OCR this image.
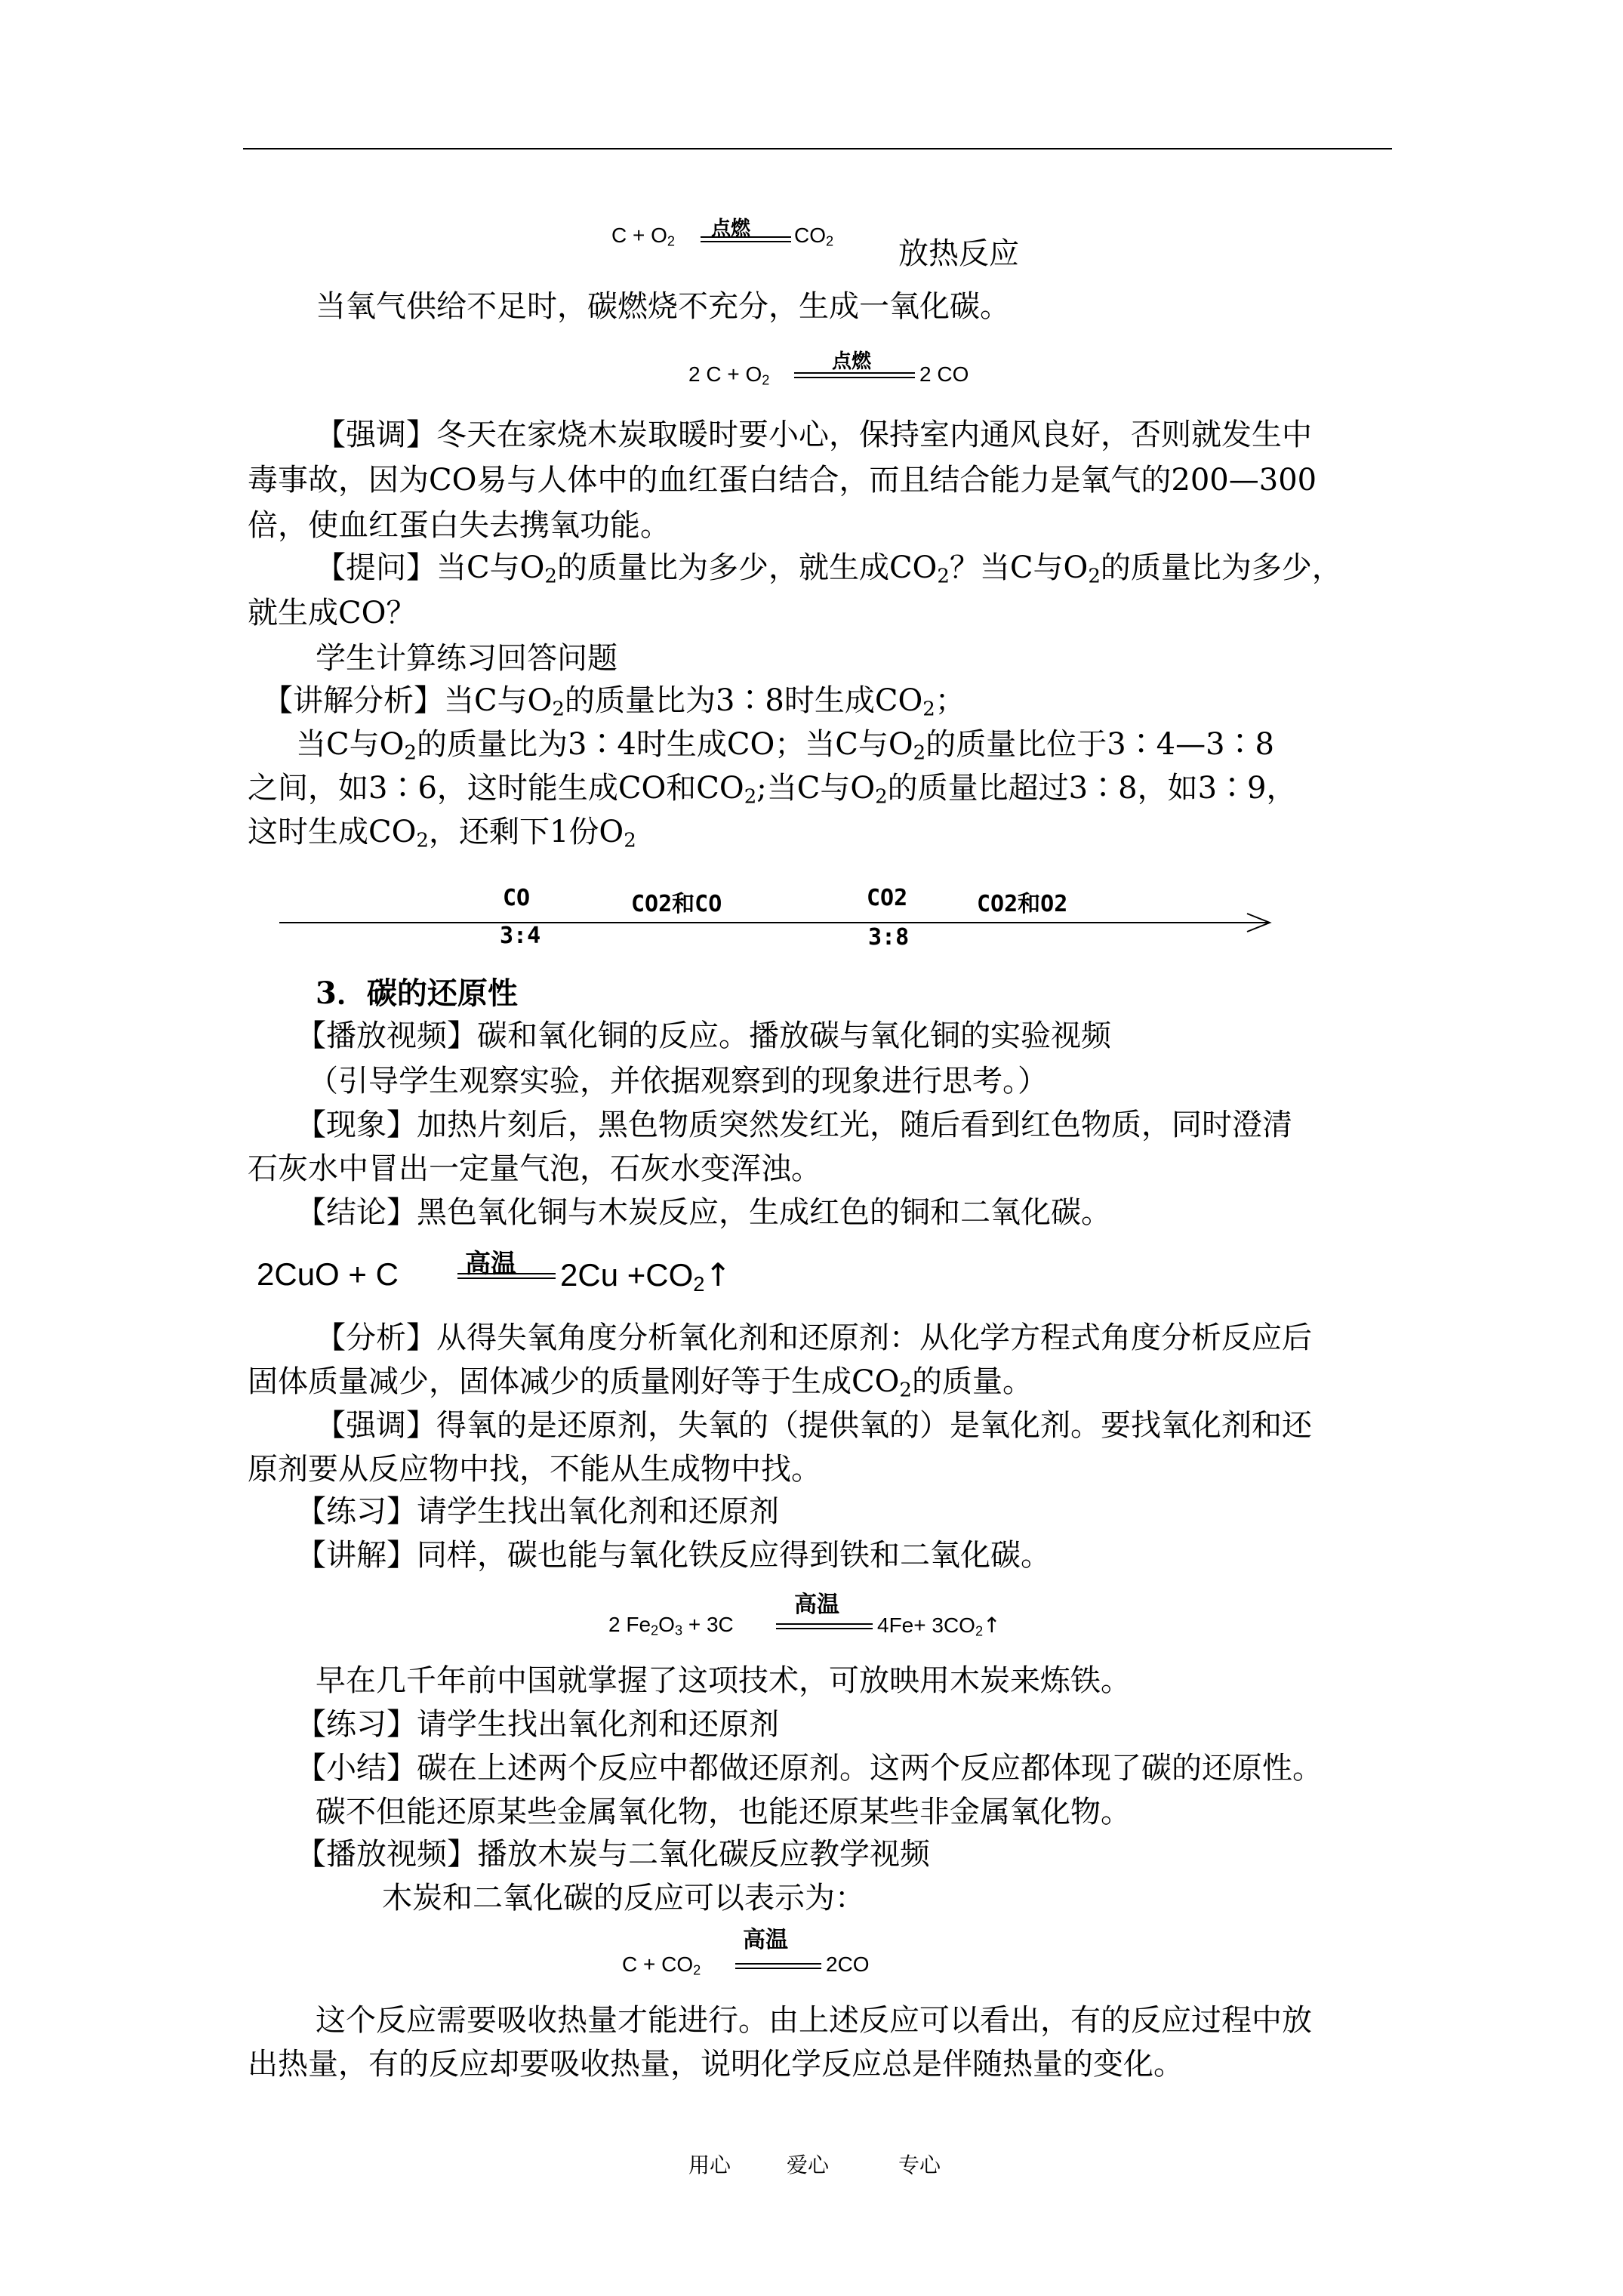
$C + O_2$
点燃 $CO_2$ 放热反应
当氧气供给不足时，碳燃烧不充分，生成一氧化碳。
2 $C + O_2$
点燃
2 CO
【强调】冬天在家烧木炭取暖时要小心，保持室内通风良好，否则就发生中
毒事故，因为CO易与人体中的血红蛋白结合，而且结合能力是氧气的200—300
倍，使血红蛋白失去携氧功能。
【提问】当C与$O_2$的质量比为多少，就生成$CO_2$？当C与$O_2$的质量比为多少，
就生成CO？
学生计算练习回答问题
【讲解分析】当C与$O_2$的质量比为3∶8时生成$CO_2$；
当C与$O_2$的质量比为3∶4时生成CO；当C与$O_2$的质量比位于3∶4—3∶8
之间，如3∶6，这时能生成CO和$CO_2$;当C与$O_2$的质量比超过3∶8，如3∶9，
这时生成$CO_2$，还剩下1份$O_2$
CO	CO2和CO	CO2	CO2和O2
3:4	3:8
3．碳的还原性
【播放视频】碳和氧化铜的反应。播放碳与氧化铜的实验视频
（引导学生观察实验，并依据观察到的现象进行思考。）
【现象】加热片刻后，黑色物质突然发红光，随后看到红色物质，同时澄清
石灰水中冒出一定量气泡，石灰水变浑浊。
【结论】黑色氧化铜与木炭反应，生成红色的铜和二氧化碳。
2CuO + C	高温 $2Cu +CO_2↑$
【分析】从得失氧角度分析氧化剂和还原剂：从化学方程式角度分析反应后
固体质量减少，固体减少的质量刚好等于生成$CO_2$的质量。
【强调】得氧的是还原剂，失氧的（提供氧的）是氧化剂。要找氧化剂和还
原剂要从反应物中找，不能从生成物中找。
【练习】请学生找出氧化剂和还原剂
【讲解】同样，碳也能与氧化铁反应得到铁和二氧化碳。
2 $Fe_2O_3 + 3C$
高温
$4Fe+ 3CO_2↑$
早在几千年前中国就掌握了这项技术，可放映用木炭来炼铁。
【练习】请学生找出氧化剂和还原剂
【小结】碳在上述两个反应中都做还原剂。这两个反应都体现了碳的还原性。
碳不但能还原某些金属氧化物，也能还原某些非金属氧化物。
【播放视频】播放木炭与二氧化碳反应教学视频
木炭和二氧化碳的反应可以表示为：
$C + CO_2$
高温
2CO
这个反应需要吸收热量才能进行。由上述反应可以看出，有的反应过程中放
出热量，有的反应却要吸收热量，说明化学反应总是伴随热量的变化。
用心	爱心	专心
